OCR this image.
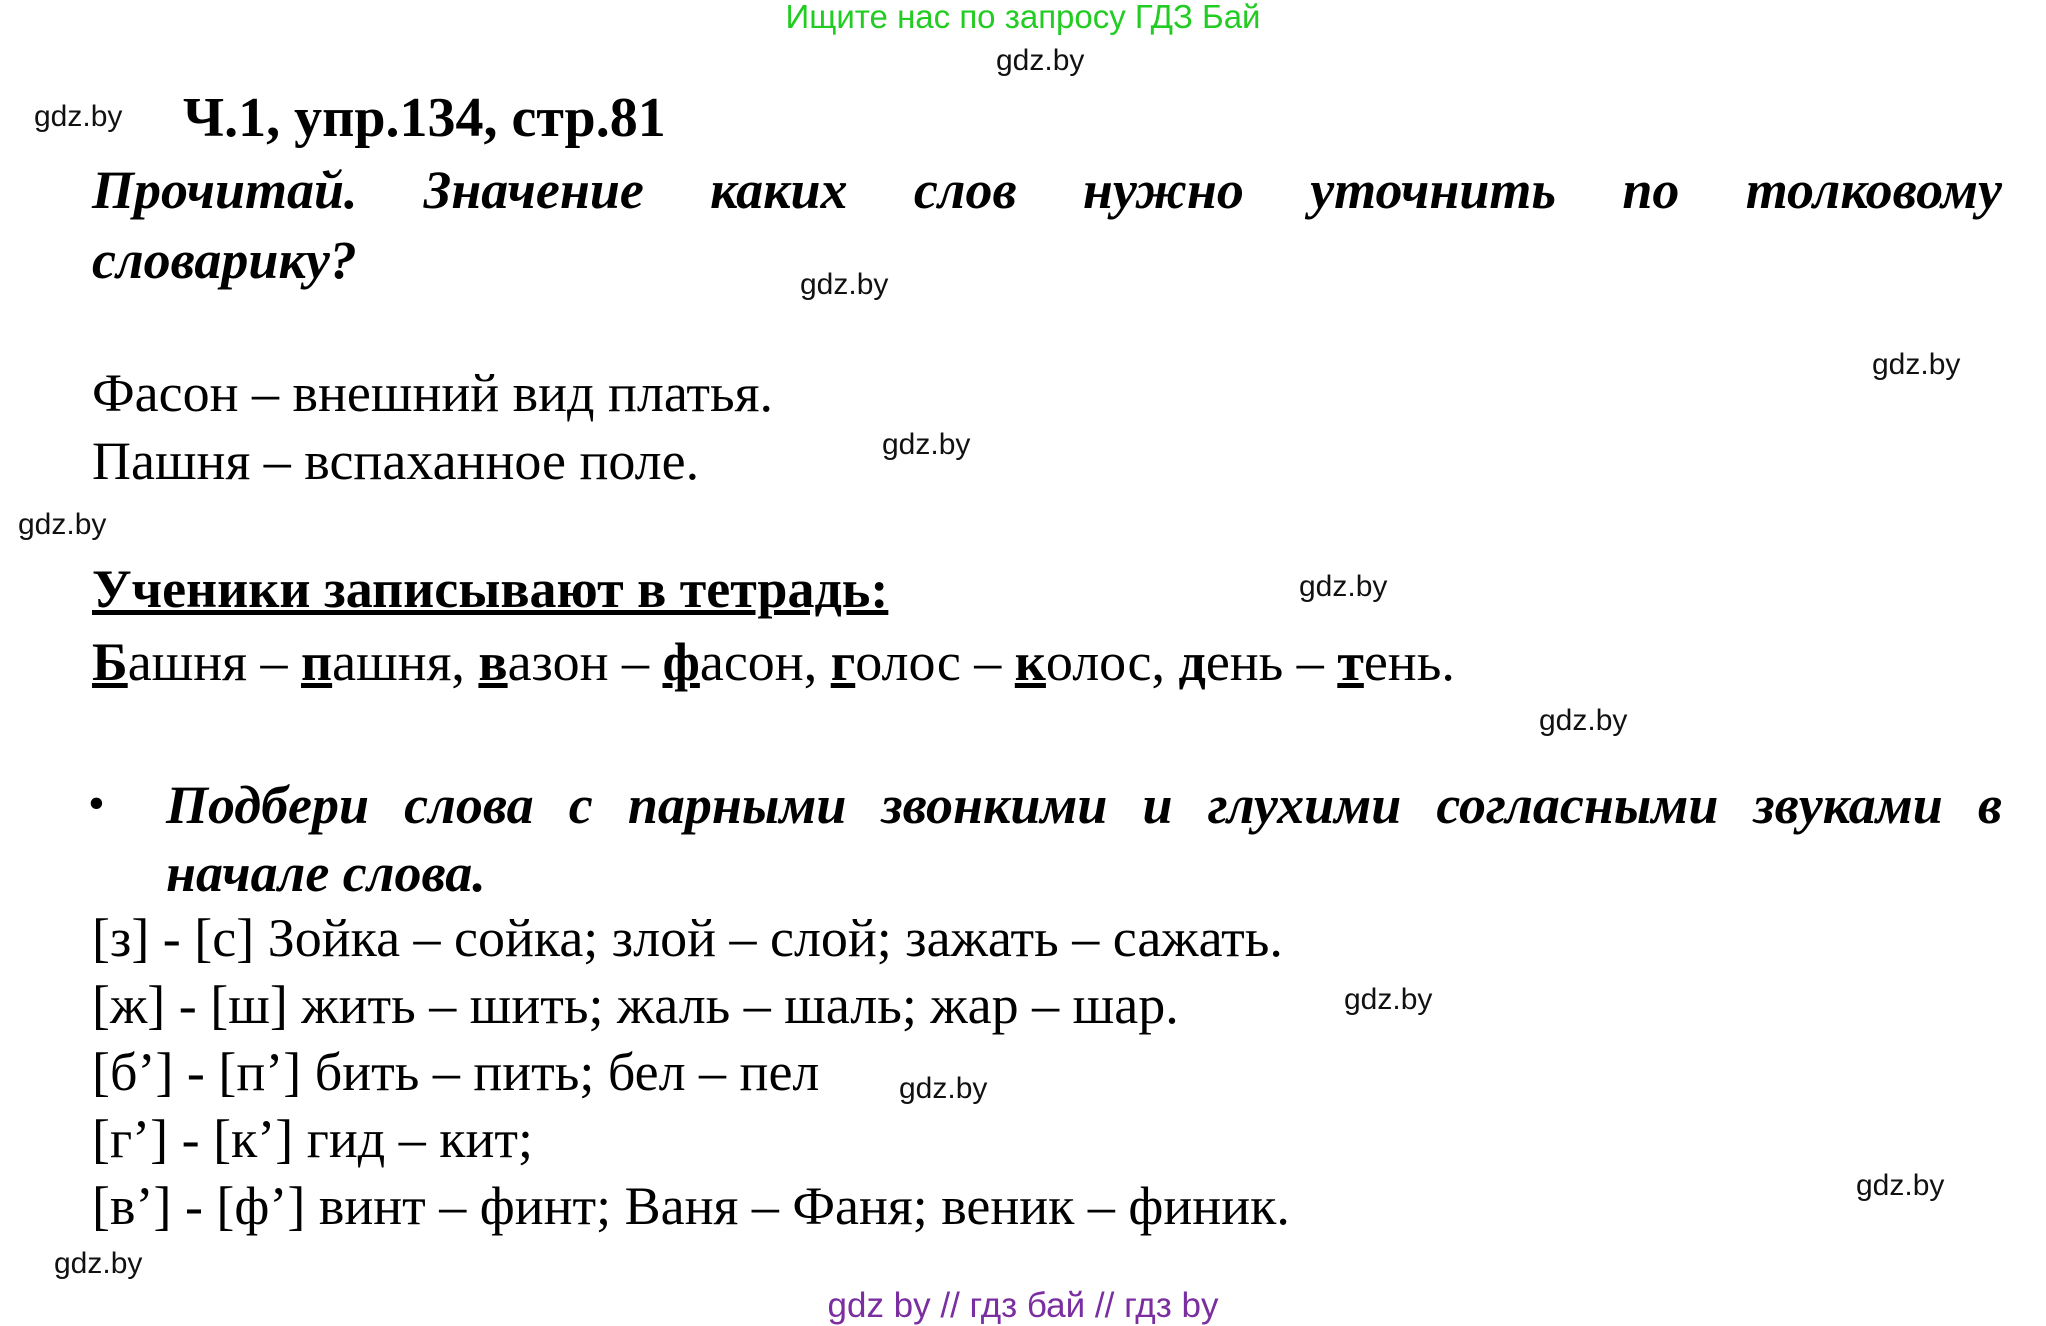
Ищите нас по запросу ГДЗ Бай
gdz.by
gdz.by
gdz.by
gdz.by
gdz.by
gdz.by
gdz.by
gdz.by
gdz.by
gdz.by
gdz.by
gdz.by
Ч.1, упр.134, стр.81
Прочитай. Значение каких слов нужно уточнить по толковому
словарику?
Фасон – внешний вид платья.
Пашня – вспаханное поле.
Ученики записывают в тетрадь:
Башня – пашня, вазон – фасон, голос – колос, день – тень.
• Подбери слова с парными звонкими и глухими согласными звуками в
начале слова.
[з] - [с] Зойка – сойка; злой – слой; зажать – сажать.
[ж] - [ш] жить – шить; жаль – шаль; жар – шар.
[б’] - [п’] бить – пить; бел – пел
[г’] - [к’] гид – кит;
[в’] - [ф’] винт – финт; Ваня – Фаня; веник – финик.
gdz by // гдз бай // гдз by
